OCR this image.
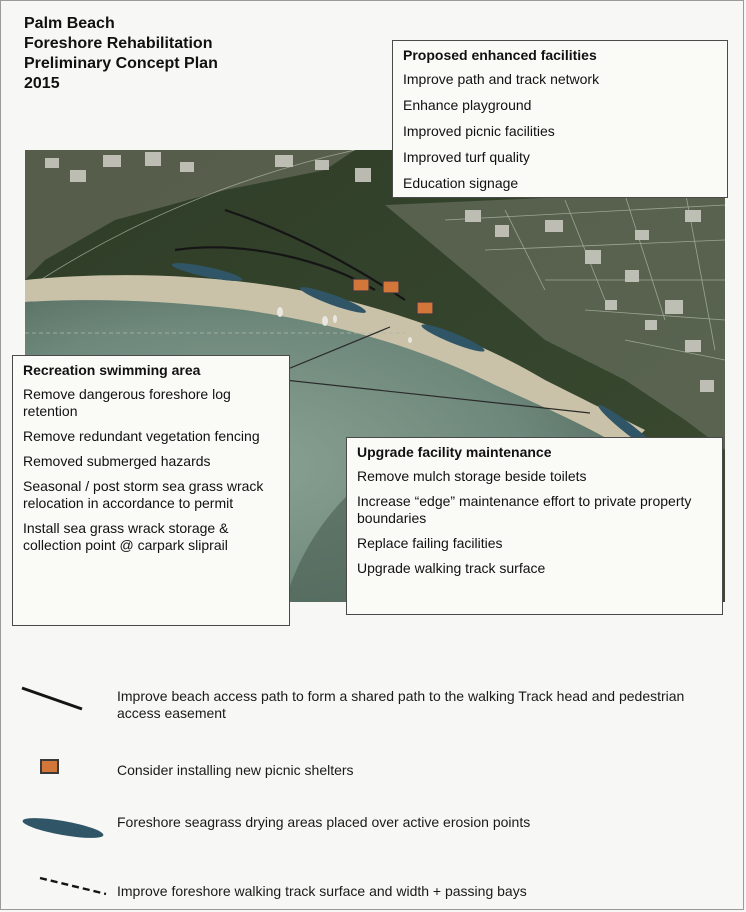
Palm Beach
Foreshore Rehabilitation
Preliminary Concept Plan
2015
Proposed enhanced facilities
Improve path and track network
Enhance playground
Improved picnic facilities
Improved turf quality
Education signage
Recreation swimming area
Remove dangerous foreshore log retention
Remove redundant vegetation fencing
Removed submerged hazards
Seasonal / post storm sea grass wrack relocation in accordance to permit
Install sea grass wrack storage & collection point @ carpark sliprail
Upgrade facility maintenance
Remove mulch storage beside toilets
Increase “edge” maintenance effort to private property boundaries
Replace failing facilities
Upgrade walking track surface
Improve beach access path to form a shared path to the walking Track head and pedestrian access easement
Consider installing new picnic shelters
Foreshore seagrass drying areas placed over active erosion points
Improve foreshore walking track surface and width + passing bays
